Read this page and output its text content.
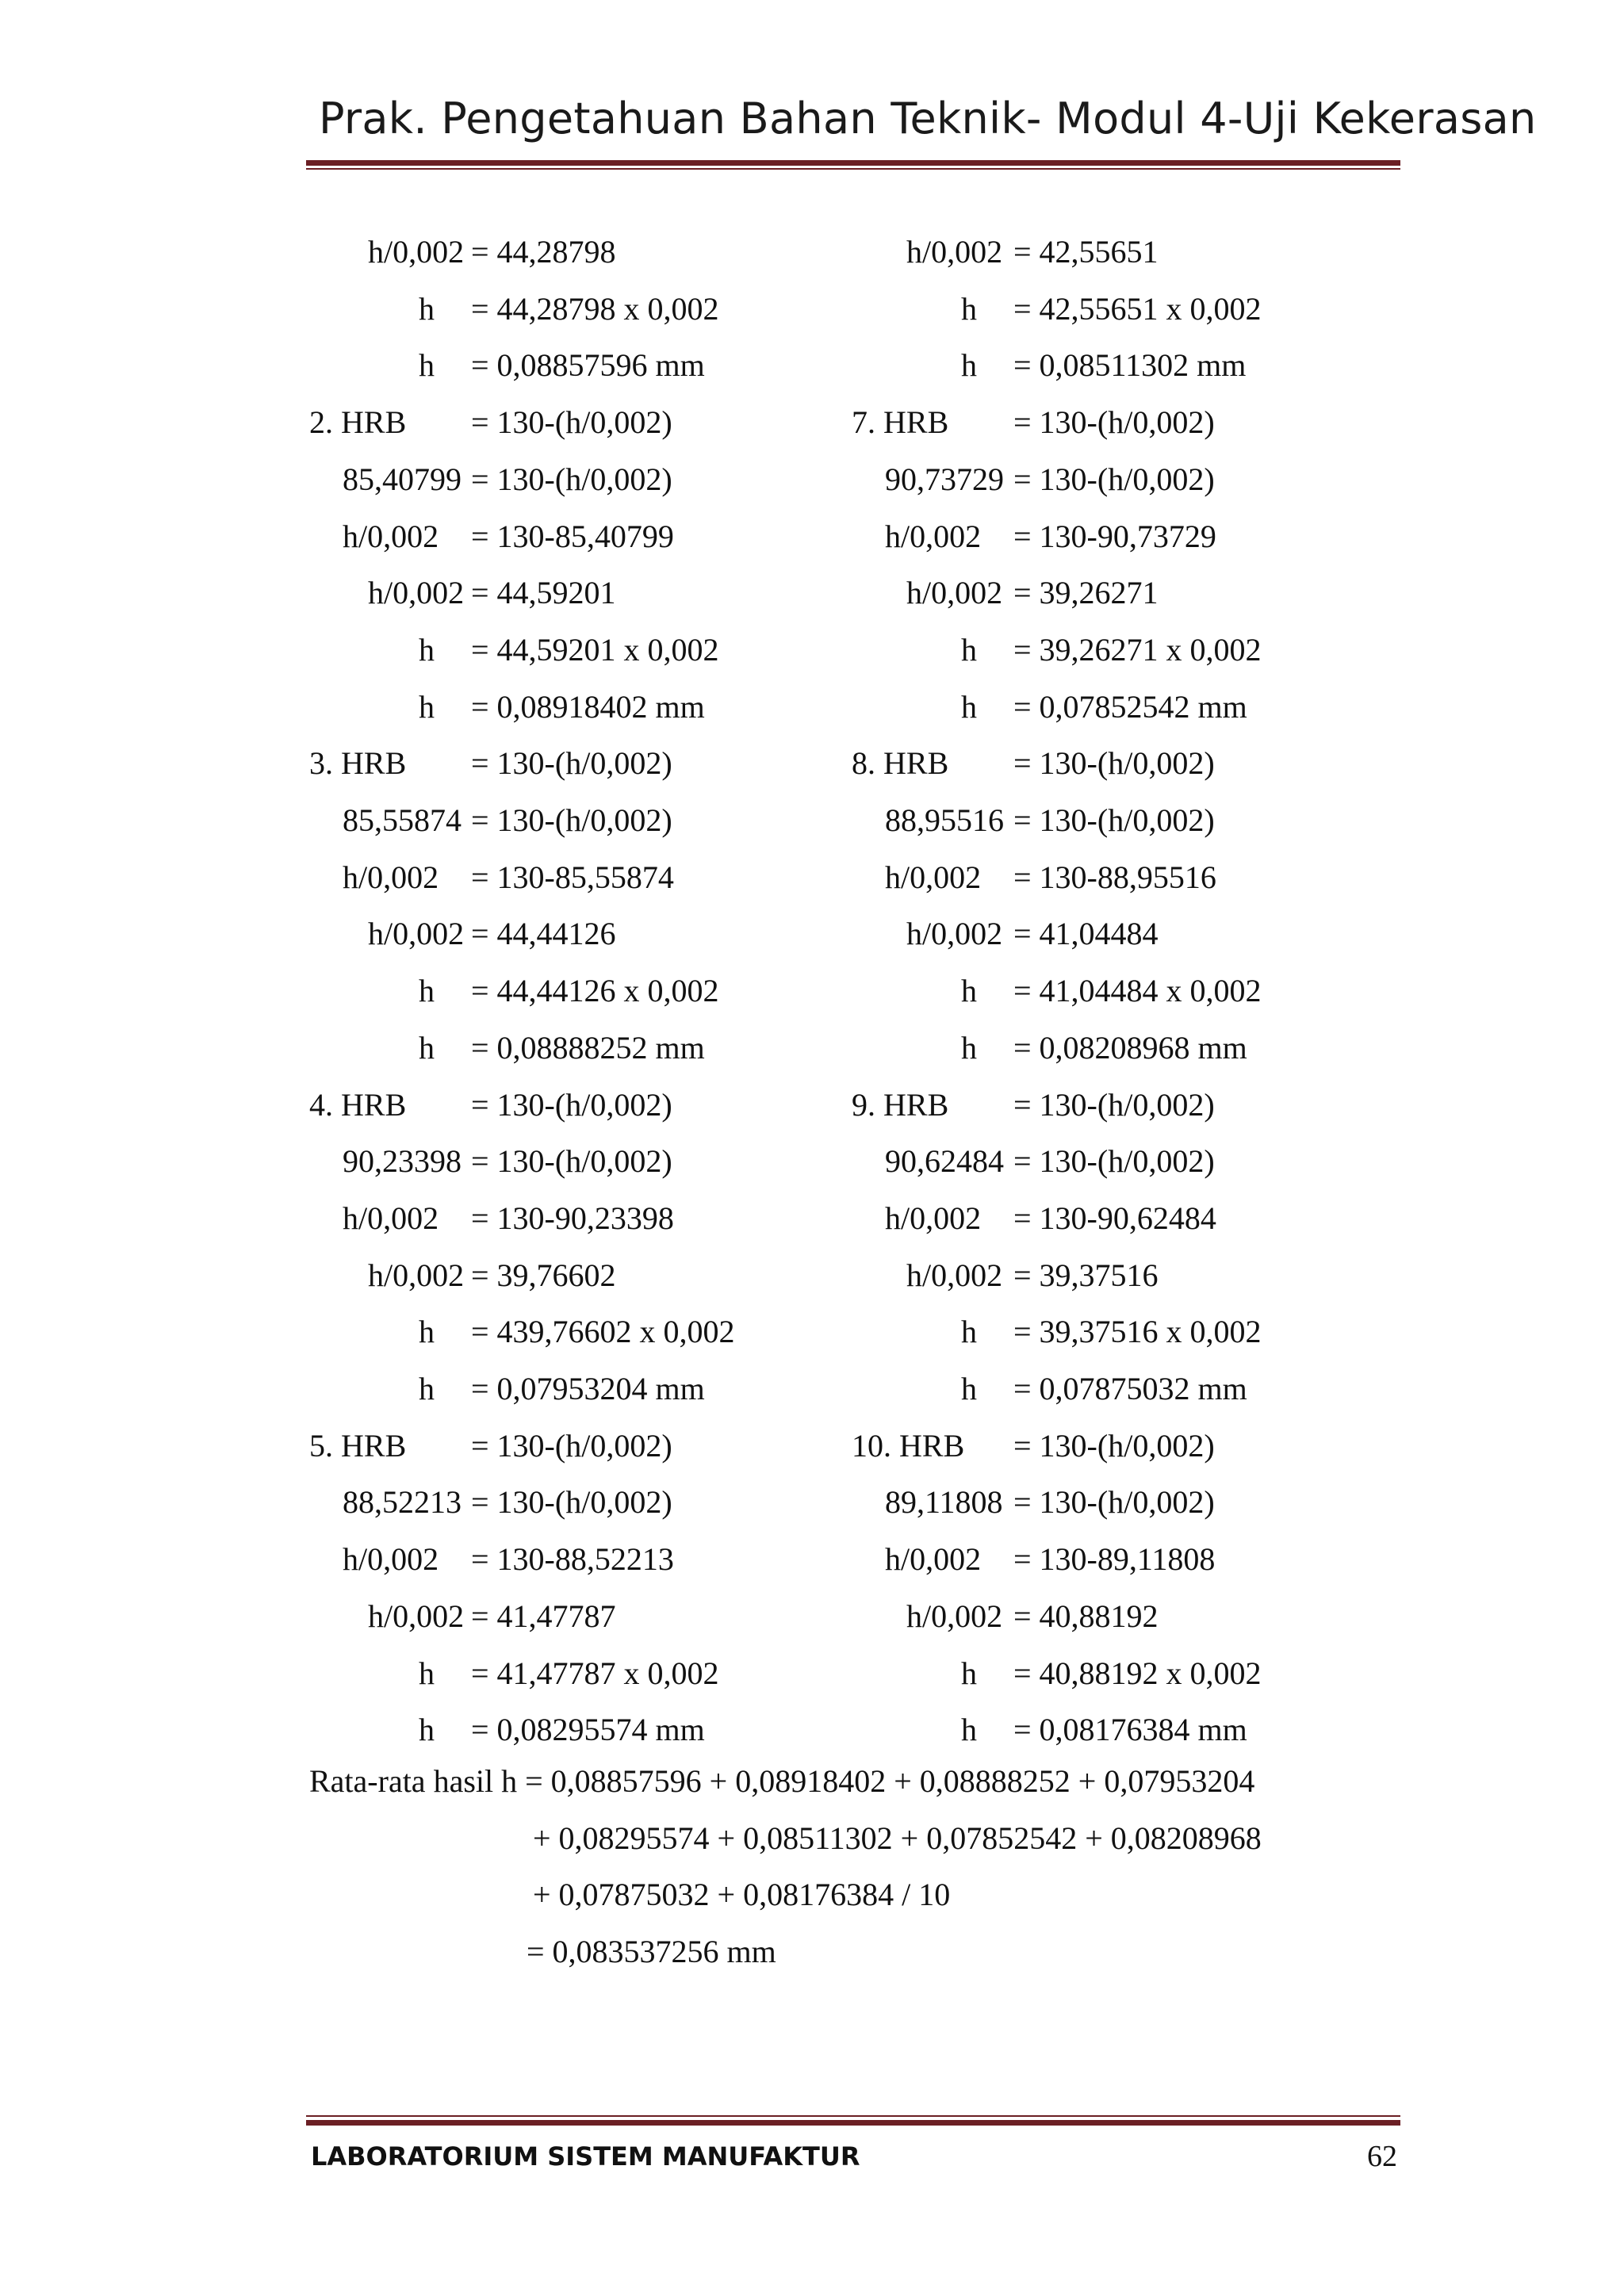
Prak. Pengetahuan Bahan Teknik- Modul 4-Uji Kekerasan
h/0,002 = 44,28798
h = 44,28798 x 0,002
h = 0,08857596 mm
2. HRB = 130-(h/0,002)
85,40799 = 130-(h/0,002)
h/0,002 = 130-85,40799
h/0,002 = 44,59201
h = 44,59201 x 0,002
h = 0,08918402 mm
3. HRB = 130-(h/0,002)
85,55874 = 130-(h/0,002)
h/0,002 = 130-85,55874
h/0,002 = 44,44126
h = 44,44126 x 0,002
h = 0,08888252 mm
4. HRB = 130-(h/0,002)
90,23398 = 130-(h/0,002)
h/0,002 = 130-90,23398
h/0,002 = 39,76602
h = 439,76602 x 0,002
h = 0,07953204 mm
5. HRB = 130-(h/0,002)
88,52213 = 130-(h/0,002)
h/0,002 = 130-88,52213
h/0,002 = 41,47787
h = 41,47787 x 0,002
h = 0,08295574 mm
h/0,002 = 42,55651
h = 42,55651 x 0,002
h = 0,08511302 mm
7. HRB = 130-(h/0,002)
90,73729 = 130-(h/0,002)
h/0,002 = 130-90,73729
h/0,002 = 39,26271
h = 39,26271 x 0,002
h = 0,07852542 mm
8. HRB = 130-(h/0,002)
88,95516 = 130-(h/0,002)
h/0,002 = 130-88,95516
h/0,002 = 41,04484
h = 41,04484 x 0,002
h = 0,08208968 mm
9. HRB = 130-(h/0,002)
90,62484 = 130-(h/0,002)
h/0,002 = 130-90,62484
h/0,002 = 39,37516
h = 39,37516 x 0,002
h = 0,07875032 mm
10. HRB = 130-(h/0,002)
89,11808 = 130-(h/0,002)
h/0,002 = 130-89,11808
h/0,002 = 40,88192
h = 40,88192 x 0,002
h = 0,08176384 mm
Rata-rata hasil h = 0,08857596 + 0,08918402 + 0,08888252 + 0,07953204
+ 0,08295574 + 0,08511302 + 0,07852542 + 0,08208968
+ 0,07875032 + 0,08176384 / 10
= 0,083537256 mm
LABORATORIUM SISTEM MANUFAKTUR	62
